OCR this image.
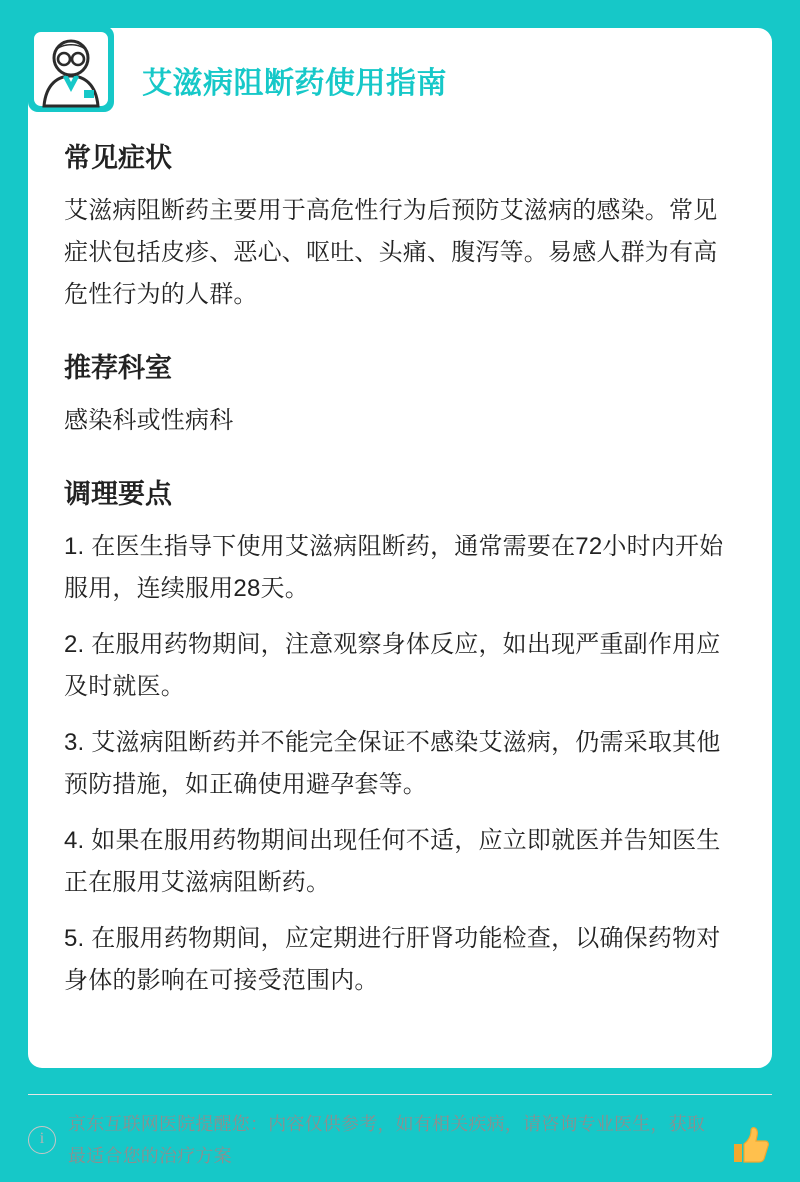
艾滋病阻断药使用指南
常见症状

艾滋病阻断药主要用于高危性行为后预防艾滋病的感染。常见症状包括皮疹、恶心、呕吐、头痛、腹泻等。易感人群为有高危性行为的人群。

推荐科室

感染科或性病科

调理要点

1. 在医生指导下使用艾滋病阻断药，通常需要在72小时内开始服用，连续服用28天。

2. 在服用药物期间，注意观察身体反应，如出现严重副作用应及时就医。

3. 艾滋病阻断药并不能完全保证不感染艾滋病，仍需采取其他预防措施，如正确使用避孕套等。

4. 如果在服用药物期间出现任何不适，应立即就医并告知医生正在服用艾滋病阻断药。

5. 在服用药物期间，应定期进行肝肾功能检查，以确保药物对身体的影响在可接受范围内。

i
京东互联网医院提醒您：内容仅供参考，如有相关疾病，请咨询专业医生，获取最适合您的治疗方案
